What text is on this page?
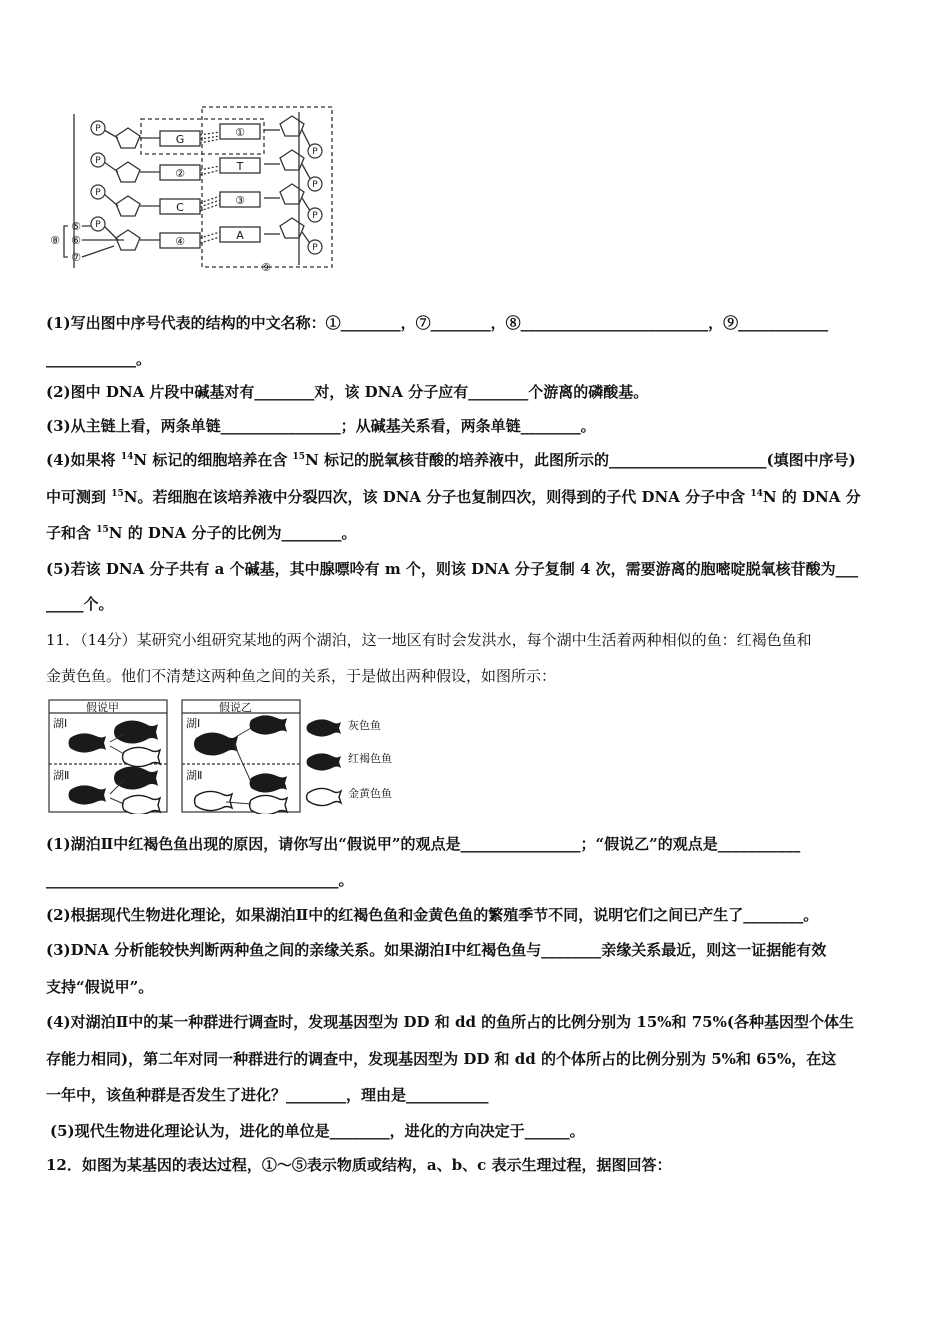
P
P
P
P
P
P
P
P
G
①
②
T
C
③
④	A
⑤
⑥
⑦
⑧
⑨
(1)写出图中序号代表的结构的中文名称：①________，⑦________，⑧_________________________，⑨____________
____________。
(2)图中 DNA 片段中碱基对有________对，该 DNA 分子应有________个游离的磷酸基。
(3)从主链上看，两条单链________________；从碱基关系看，两条单链________。
(4)如果将 $^{14}$N 标记的细胞培养在含 $^{15}$N 标记的脱氧核苷酸的培养液中，此图所示的_____________________(填图中序号)
中可测到 $^{15}$N。若细胞在该培养液中分裂四次，该 DNA 分子也复制四次，则得到的子代 DNA 分子中含 $^{14}$N 的 DNA 分
子和含 $^{15}$N 的 DNA 分子的比例为________。
(5)若该 DNA 分子共有 a 个碱基，其中腺嘌呤有 m 个，则该 DNA 分子复制 4 次，需要游离的胞嘧啶脱氧核苷酸为___
_____个。
11．（14分）某研究小组研究某地的两个湖泊，这一地区有时会发洪水，每个湖中生活着两种相似的鱼：红褐色鱼和
金黄色鱼。他们不清楚这两种鱼之间的关系，于是做出两种假设，如图所示：
假说甲	假说乙
湖Ⅰ
湖Ⅱ
湖Ⅰ
湖Ⅱ
灰色鱼
红褐色鱼
金黄色鱼
(1)湖泊Ⅱ中红褐色鱼出现的原因，请你写出“假说甲”的观点是________________；“假说乙”的观点是___________
_______________________________________。
(2)根据现代生物进化理论，如果湖泊Ⅱ中的红褐色鱼和金黄色鱼的繁殖季节不同，说明它们之间已产生了________。
(3)DNA 分析能较快判断两种鱼之间的亲缘关系。如果湖泊Ⅰ中红褐色鱼与________亲缘关系最近，则这一证据能有效
支持“假说甲”。
(4)对湖泊Ⅱ中的某一种群进行调查时，发现基因型为 DD 和 dd 的鱼所占的比例分别为 15%和 75%(各种基因型个体生
存能力相同)，第二年对同一种群进行的调查中，发现基因型为 DD 和 dd 的个体所占的比例分别为 5%和 65%，在这
一年中，该鱼种群是否发生了进化？________，理由是___________
(5)现代生物进化理论认为，进化的单位是________，进化的方向决定于______。
12．如图为某基因的表达过程，①～⑤表示物质或结构，a、b、c 表示生理过程，据图回答：
